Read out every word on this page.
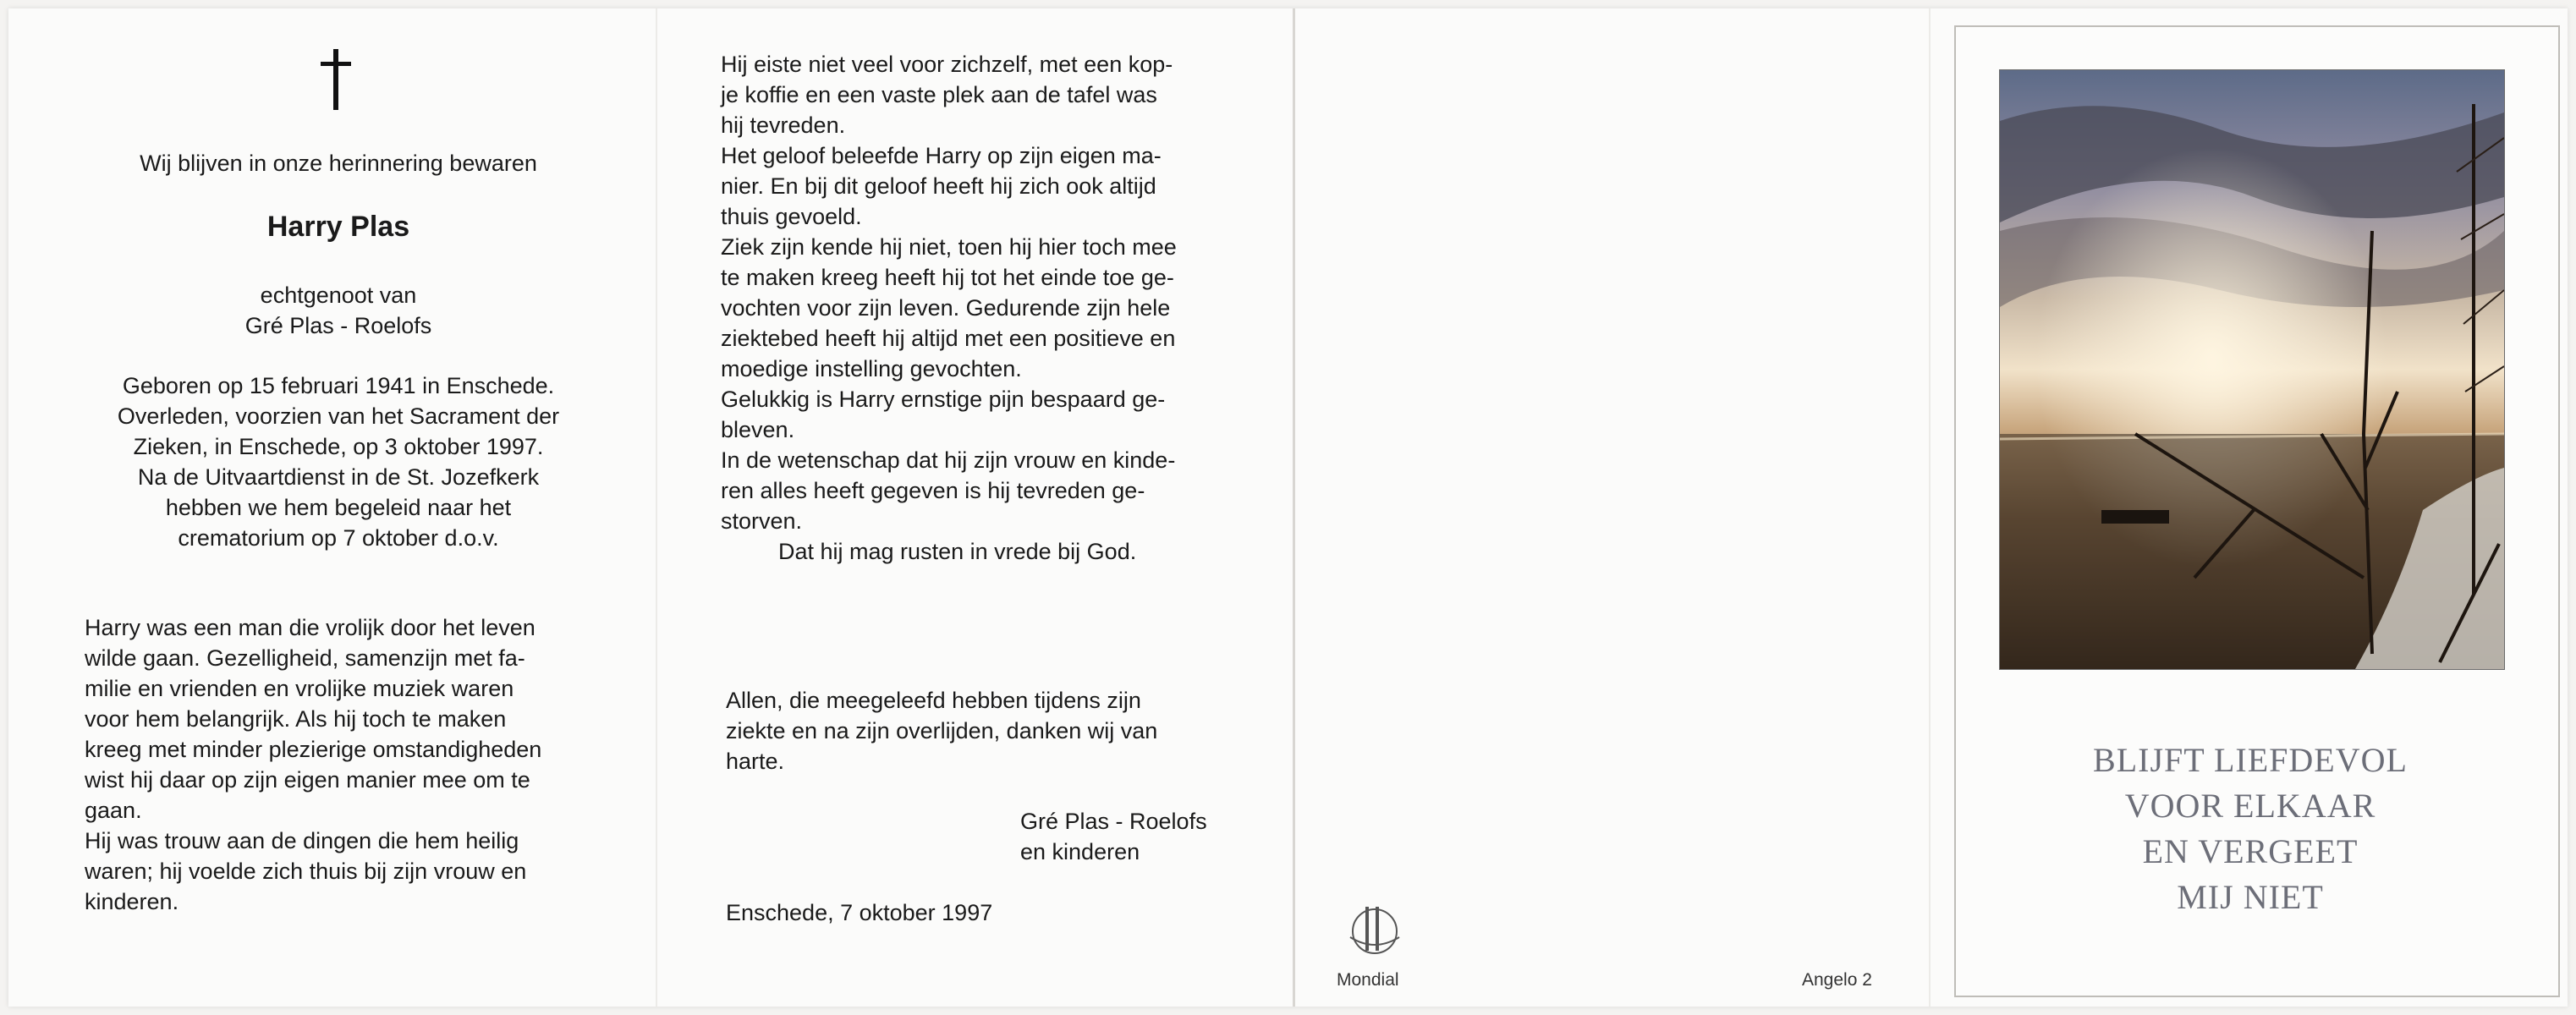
Wij blijven in onze herinnering bewaren
Harry Plas
echtgenoot van
Gré Plas - Roelofs
Geboren op 15 februari 1941 in Enschede.
Overleden, voorzien van het Sacrament der
Zieken, in Enschede, op 3 oktober 1997.
Na de Uitvaartdienst in de St. Jozefkerk
hebben we hem begeleid naar het
crematorium op 7 oktober d.o.v.

Harry was een man die vrolijk door het leven

wilde gaan. Gezelligheid, samenzijn met fa-

milie en vrienden en vrolijke muziek waren

voor hem belangrijk. Als hij toch te maken

kreeg met minder plezierige omstandigheden

wist hij daar op zijn eigen manier mee om te

gaan.

Hij was trouw aan de dingen die hem heilig

waren; hij voelde zich thuis bij zijn vrouw en

kinderen.

Hij eiste niet veel voor zichzelf, met een kop-

je koffie en een vaste plek aan de tafel was

hij tevreden.

Het geloof beleefde Harry op zijn eigen ma-

nier. En bij dit geloof heeft hij zich ook altijd

thuis gevoeld.

Ziek zijn kende hij niet, toen hij hier toch mee

te maken kreeg heeft hij tot het einde toe ge-

vochten voor zijn leven. Gedurende zijn hele

ziektebed heeft hij altijd met een positieve en

moedige instelling gevochten.

Gelukkig is Harry ernstige pijn bespaard ge-

bleven.

In de wetenschap dat hij zijn vrouw en kinde-

ren alles heeft gegeven is hij tevreden ge-

storven.

Dat hij mag rusten in vrede bij God.

Allen, die meegeleefd hebben tijdens zijn

ziekte en na zijn overlijden, danken wij van

harte.

Gré Plas - Roelofs
en kinderen
Enschede, 7 oktober 1997
Mondial	Angelo 2
BLIJFT LIEFDEVOL
VOOR ELKAAR
EN VERGEET
MIJ NIET
